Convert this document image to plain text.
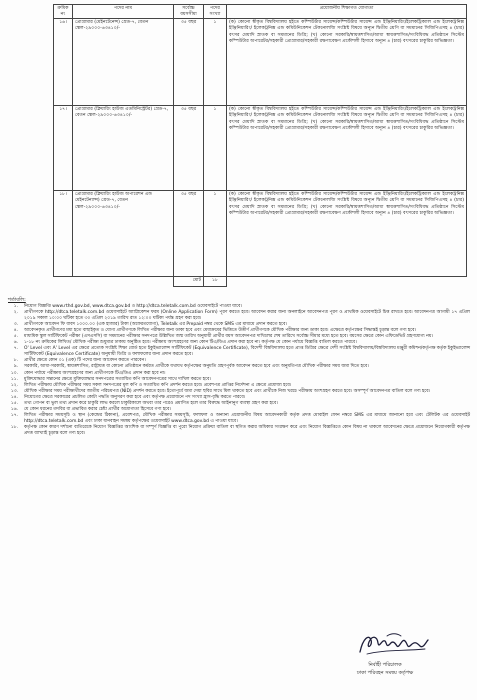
ক্রমিক নং	পদের নাম	সর্বোচ্চ বয়সসীমা	পদের সংখ্যা	প্রয়োজনীয় শিক্ষাগত যোগ্যতা
১৬।	প্রোগ্রামার (মেইনটেনেন্স) গ্রেড-৭, বেতন স্কেল-২৯০০০-৬৩৪১০/-	৩৫ বছর	১	(ক) কোনো স্বীকৃত বিশ্ববিদ্যালয় হইতে কম্পিউটার সায়েন্স/কম্পিউটার সায়েন্স এন্ড ইঞ্জিনিয়ারিং/ইলেকট্রিক্যাল এন্ড ইলেকট্রনিক্স ইঞ্জিনিয়ারিং/ ইলেকট্রনিক্স এন্ড কমিউনিকেশন টেকনোলজি সংশ্লিষ্ট বিষয়ে অন্যূন দ্বিতীয় শ্রেণি বা সমমানের সিজিপিএসহ ৪ (চার) বৎসর মেয়াদি স্নাতক বা সমমানের ডিগ্রি; (খ) কোনো সরকারি/স্বায়ত্তশাসিত/আধা স্বায়ত্তশাসিত/সংবিধিবদ্ধ প্রতিষ্ঠানে সিস্টেম কম্পিউটার অপারেটর/সহকারী প্রোগ্রামার/সহকারী রক্ষণাবেক্ষণ প্রকৌশলী হিসাবে অন্যূন ৪ (চার) বৎসরের চাকুরির অভিজ্ঞতা।
১৭।	প্রোগ্রামার (ক্লিয়ারিং হাউজ এডমিনিস্ট্রেটর) গ্রেড-৭, বেতন স্কেল-২৯০০০-৬৩৪১০/-	৩৫ বছর	১	(ক) কোনো স্বীকৃত বিশ্ববিদ্যালয় হইতে কম্পিউটার সায়েন্স/কম্পিউটার সায়েন্স এন্ড ইঞ্জিনিয়ারিং/ইলেকট্রিক্যাল এন্ড ইলেকট্রনিক্স ইঞ্জিনিয়ারিং/ ইলেকট্রনিক্স এন্ড কমিউনিকেশন টেকনোলজি সংশ্লিষ্ট বিষয়ে অন্যূন দ্বিতীয় শ্রেণি বা সমমানের সিজিপিএসহ ৪ (চার) বৎসর মেয়াদি স্নাতক বা সমমানের ডিগ্রি; (খ) কোনো সরকারি/স্বায়ত্তশাসিত/আধা স্বায়ত্তশাসিত/সংবিধিবদ্ধ প্রতিষ্ঠানে সিস্টেম কম্পিউটার অপারেটর/সহকারী প্রোগ্রামার/সহকারী রক্ষণাবেক্ষণ প্রকৌশলী হিসাবে অন্যূন ৪ (চার) বৎসরের চাকুরির অভিজ্ঞতা।
১৮।	প্রোগ্রামার (ক্লিয়ারিং হাউজ অপারেশন এন্ড মেইনটেন্যান্স) গ্রেড-৭, বেতন স্কেল-২৯০০০-৬৩৪১০/-	৩৫ বছর	১	(ক) কোনো স্বীকৃত বিশ্ববিদ্যালয় হইতে কম্পিউটার সায়েন্স/কম্পিউটার সায়েন্স এন্ড ইঞ্জিনিয়ারিং/ইলেকট্রিক্যাল এন্ড ইলেকট্রনিক্স ইঞ্জিনিয়ারিং/ ইলেকট্রনিক্স এন্ড কমিউনিকেশন টেকনোলজি সংশ্লিষ্ট বিষয়ে অন্যূন দ্বিতীয় শ্রেণি বা সমমানের সিজিপিএসহ ৪ (চার) বৎসর মেয়াদি স্নাতক বা সমমানের ডিগ্রি; (খ) কোনো সরকারি/স্বায়ত্তশাসিত/আধা স্বায়ত্তশাসিত/সংবিধিবদ্ধ প্রতিষ্ঠানে সিস্টেম কম্পিউটার অপারেটর/সহকারী প্রোগ্রামার/সহকারী রক্ষণাবেক্ষণ প্রকৌশলী হিসাবে অন্যূন ৪ (চার) বৎসরের চাকুরির অভিজ্ঞতা।
		মোট	১৮	
শর্তাবলি:
১.	নিয়োগ বিজ্ঞপ্তি www.rthd.gov.bd, www.dtca.gov.bd ও http://dtca.teletalk.com.bd ওয়েবসাইটে পাওয়া যাবে।
২.	প্রার্থীগণকে http://dtca.teletalk.com.bd ওয়েবসাইটে অ্যাপ্লিকেশন ফরম (Online Application Form) পূরণ করতে হবে। আবেদন করার জন্য অনলাইনে আবেদনপত্র পূরণ ও প্রাথমিক ওয়েবসাইটে চিত্ত রাখতে হবে। আবেদনপত্র আগামী ১৭ এপ্রিল ২০১৯ সকাল ১০:০০ ঘটিকা হতে ৩০ এপ্রিল ২০১৯ তারিখ রাত ১২:০০ ঘটিকা পর্যন্ত গ্রহণ করা হবে।
৩.	প্রার্থীগণকে আবেদন ফি বাবদ ১০০০.০০ (এক হাজার) টাকা (অফেরতযোগ্য), Teletalk এর Prepaid নম্বর থেকে SMS এর মাধ্যমে প্রদান করতে হবে।
৪.	আবেদনকৃত প্রার্থীগণের মধ্য হতে বাছাইকৃত ও যোগ্য প্রার্থীগণকে লিখিত পরীক্ষার জন্য ডাকা হবে এবং মেধাক্রমের ভিত্তিতে উত্তীর্ণ প্রার্থীগণকে মৌখিক পরীক্ষার জন্য ডাকা হবে। এক্ষেত্রে কর্তৃপক্ষের সিদ্ধান্তই চূড়ান্ত বলে গণ্য হবে।
৫.	মাধ্যমিক স্কুল সার্টিফিকেট পরীক্ষা (এসএসসি) বা সমমানের পরীক্ষার সনদপত্রে উল্লিখিত জন্ম তারিখ অনুযায়ী প্রার্থীর বয়স আবেদনপত্র দাখিলের শেষ তারিখে সর্বোচ্চ সীমার মধ্যে হতে হবে। বয়সের ক্ষেত্রে কোন এফিডেভিট গ্রহণযোগ্য নয়।
৬.	১-১৮ নং ক্রমিকের লিখিত/ মৌখিক পরীক্ষা শুধুমাত্র ঢাকায় অনুষ্ঠিত হবে। পরীক্ষায় অংশগ্রহণের জন্য কোন টিএ/ডিএ প্রদান করা হবে না। কর্তৃপক্ষ যে কোন পর্যায়ে বিজ্ঞপ্তি বাতিল করতে পারবে।
৭.	O' Level এবং A' Level এর ক্ষেত্রে প্রত্যেক সংশ্লিষ্ট শিক্ষা বোর্ড হতে ইকুইভ্যালেন্স সার্টিফিকেট (Equivalence Certificate), বিদেশী বিশ্ববিদ্যালয় হতে প্রাপ্ত ডিগ্রির ক্ষেত্রে দেশী সংশ্লিষ্ট বিশ্ববিদ্যালয়/বিশ্ববিদ্যালয় মঞ্জুরী কমিশন/কর্তৃপক্ষ কর্তৃক ইকুইভ্যালেন্স সার্টিফিকেট (Equivalence Certificate) অনুযায়ী ডিগ্রি ও ফলাফলের জন্য প্রদান করতে হবে।
৮.	প্রার্থীর ক্ষেত্রে কোন ০১ (এক) টি পদের জন্য আবেদন করতে পারবেন।
৯.	সরকারি, আধা-সরকারি, স্বায়ত্তশাসিত, রাষ্ট্রায়ত্ত বা কোনো প্রতিষ্ঠানে কর্মরত প্রার্থীকে যথাযথ কর্তৃপক্ষের অনুমতি গ্রহণপূর্বক আবেদন করতে হবে এবং অনুমতিপত্র মৌখিক পরীক্ষার সময় জমা দিতে হবে।
১০.	কোন পর্যায়ে পরীক্ষায় অংশগ্রহণের জন্য প্রার্থীগণকে টিএ/ডিএ প্রদান করা হবে না।
১১.	মুক্তিযোদ্ধার সন্তানের ক্ষেত্রে মুক্তিযোদ্ধার সনদপত্রের সত্যায়িত কপি আবেদনপত্রের সাথে দাখিল করতে হবে।
১২.	লিখিত পরীক্ষায় মৌখিক পরীক্ষার সময় সকল সনদপত্রের মূল কপি ও সত্যায়িত কপি প্রদর্শন করতে হবে। প্রবেশপত্র প্রাপ্তির নির্দেশনা এ ক্ষেত্রে প্রযোজ্য হবে।
১৩.	মৌখিক পরীক্ষার সময় পরীক্ষার্থীদের জাতীয় পরিচয়পত্র (NID) প্রদর্শন করতে হবে। ইতোপূর্বে জমা দেয়া ছবির সাথে মিল থাকতে হবে এবং প্রার্থীকে নিজ খরচে পরীক্ষায় অংশগ্রহণ করতে হবে। অসম্পূর্ণ আবেদনপত্র বাতিল বলে গণ্য হবে।
১৪.	নিয়োগের ক্ষেত্রে সরকারের প্রচলিত কোটা পদ্ধতি অনুসরণ করা হবে এবং কর্তৃপক্ষ প্রয়োজনে পদ সংখ্যা হ্রাস-বৃদ্ধি করতে পারবে।
১৫.	তথ্য গোপন বা ভুল তথ্য প্রদান করে চাকুরি লাভ করলে চাকুরিকালে অথবা তার পরেও প্রমাণিত হলে তার বিরুদ্ধে আইনানুগ ব্যবস্থা গ্রহণ করা হবে।
১৬.	যে কোন ধরনের তদবির বা প্রভাবিত করার চেষ্টা প্রার্থীর অযোগ্যতা হিসেবে গণ্য হবে।
১৭.	লিখিত পরীক্ষার সময়সূচি ও স্থান (কেন্দ্রের ঠিকানা), প্রবেশপত্র, মৌখিক পরীক্ষার সময়সূচি, ফলাফল ও অন্যান্য প্রয়োজনীয় বিষয় আবেদনকারী কর্তৃক প্রদত্ত মোবাইল ফোন নম্বরে SMS এর মাধ্যমে জানানো হবে এবং টেলিটক এর ওয়েবসাইট http://dtca.teletalk.com.bd এবং ঢাকা যানবাহন সমন্বয় কর্তৃপক্ষের ওয়েবসাইট www.dtca.gov.bd এ পাওয়া যাবে।
১৮.	কর্তৃপক্ষ কোন কারণ দর্শানো ব্যতিরেকে নিয়োগ বিজ্ঞপ্তির আংশিক বা সম্পূর্ণ বিজ্ঞপ্তি বা পুরো নিয়োগ প্রক্রিয়া বাতিল বা স্থগিত করার অধিকার সংরক্ষণ করে এবং নিয়োগ বিজ্ঞপ্তিতে কোন বিষয় না থাকলে আবেদনের ক্ষেত্রে প্রয়োজনে নিয়োগকারী কর্তৃপক্ষ প্রদত্ত ব্যাখ্যাই চূড়ান্ত বলে গণ্য হবে।
নির্বাহী পরিচালক
ঢাকা পরিবহন সমন্বয় কর্তৃপক্ষ
